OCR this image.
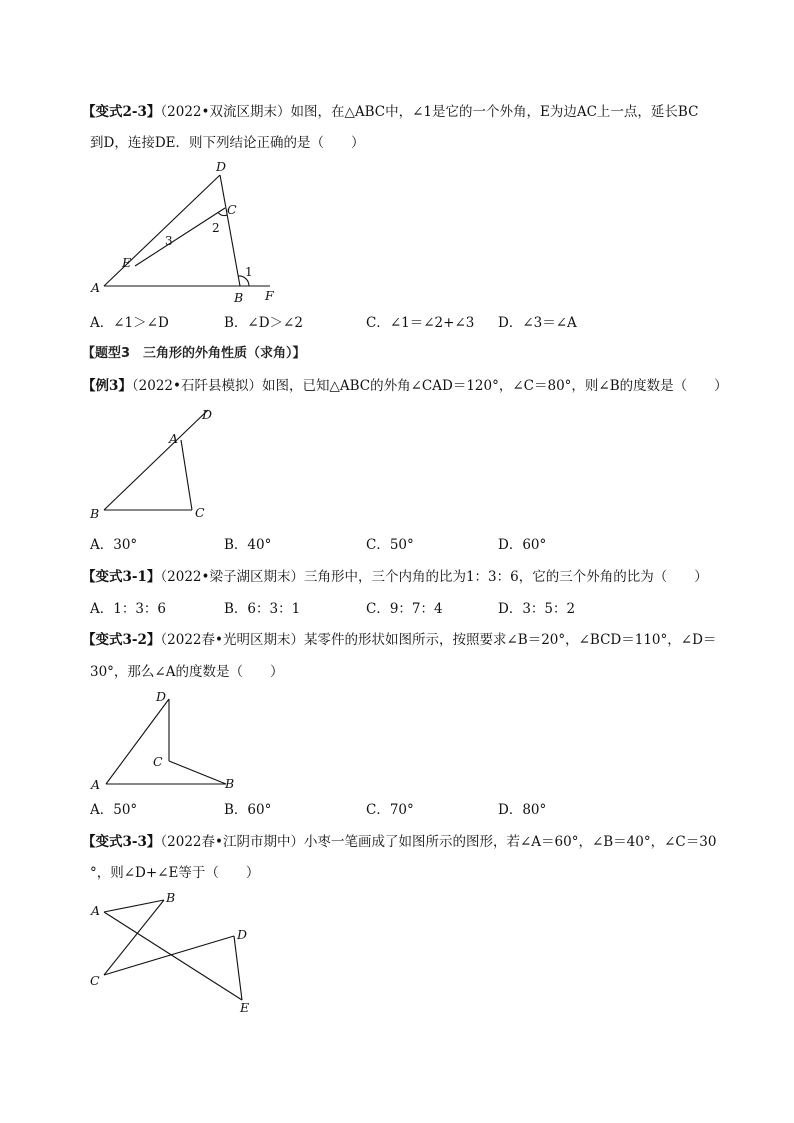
【变式2-3】（2022•双流区期末）如图，在△ABC中，∠1是它的一个外角，E为边AC上一点，延长BC
到D，连接DE．则下列结论正确的是（　　）
D
C
A
E
B F
1
2
3
A．∠1＞∠D	B．∠D＞∠2	C．∠1＝∠2+∠3 D．∠3＝∠A
【题型3　三角形的外角性质（求角）】
【例3】（2022•石阡县模拟）如图，已知△ABC的外角∠CAD＝120°，∠C＝80°，则∠B的度数是（　　）
D
A
B	C
A．30°	B．40°	C．50°	D．60°
【变式3-1】（2022•梁子湖区期末）三角形中，三个内角的比为1：3：6，它的三个外角的比为（　　）
A．1：3：6	B．6：3：1	C．9：7：4	D．3：5：2
【变式3-2】（2022春•光明区期末）某零件的形状如图所示，按照要求∠B＝20°，∠BCD＝110°，∠D＝
30°，那么∠A的度数是（　　）
D
C
A	B
A．50°	B．60°	C．70°	D．80°
【变式3-3】（2022春•江阴市期中）小枣一笔画成了如图所示的图形，若∠A＝60°，∠B＝40°，∠C＝30
°，则∠D+∠E等于（　　）
A
B
C
D
E
